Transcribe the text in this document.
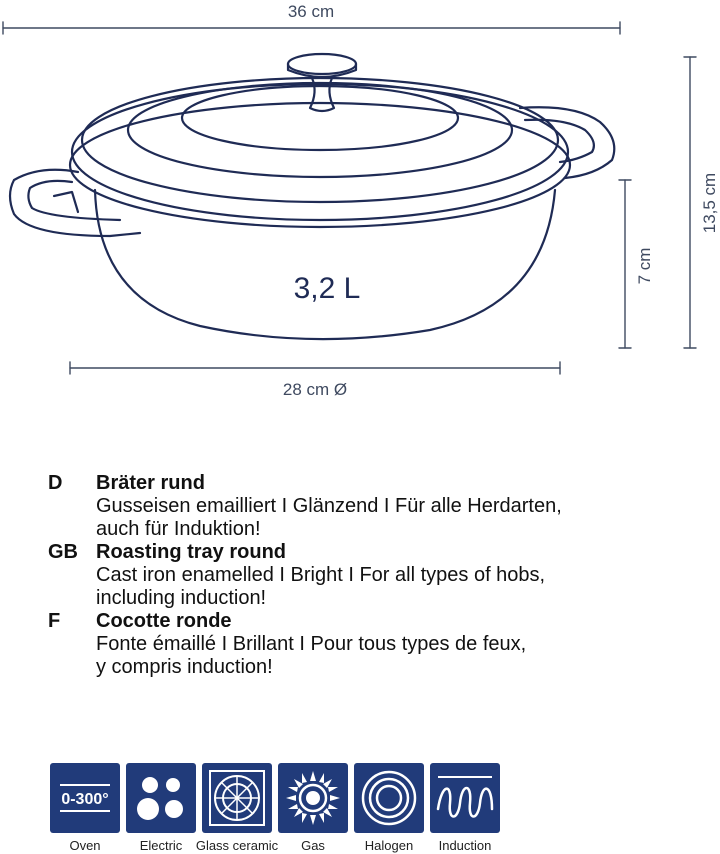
36 cm
13,5 cm
7 cm
28 cm Ø
3,2 L
D	Bräter rund
Gusseisen emailliert I Glänzend I Für alle Herdarten,
auch für Induktion!
GB Roasting tray round
Cast iron enamelled I Bright I For all types of hobs,
including induction!
F	Cocotte ronde
Fonte émaillé I Brillant I Pour tous types de feux,
y compris induction!
0-300°
Oven	Electric Glass ceramic Gas	Halogen Induction
